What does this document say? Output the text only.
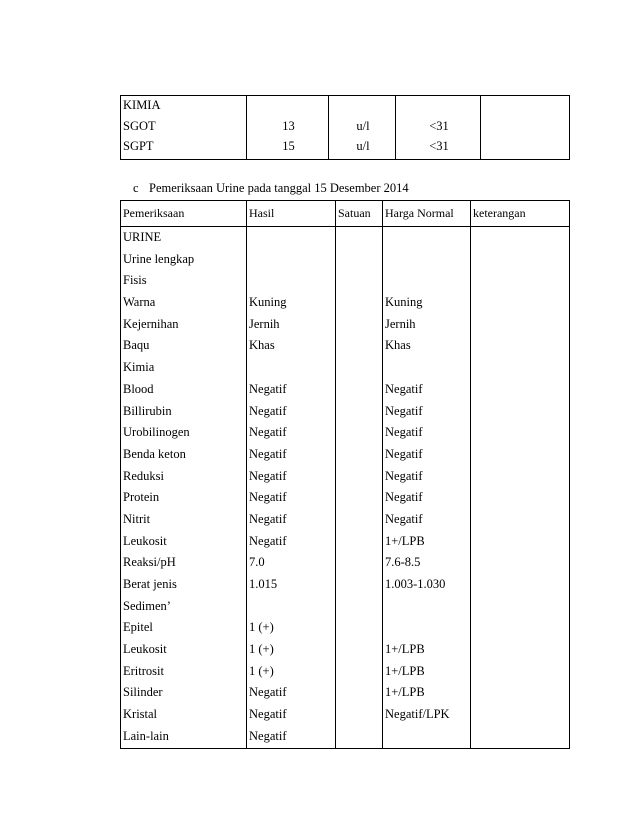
KIMIA				
SGOT	13	u/l	<31	
SGPT	15	u/l	<31	
c Pemeriksaan Urine pada tanggal 15 Desember 2014
Pemeriksaan	Hasil	Satuan	Harga Normal	keterangan
URINE				
Urine lengkap				
Fisis				
Warna	Kuning		Kuning	
Kejernihan	Jernih		Jernih	
Baqu	Khas		Khas	
Kimia				
Blood	Negatif		Negatif	
Billirubin	Negatif		Negatif	
Urobilinogen	Negatif		Negatif	
Benda keton	Negatif		Negatif	
Reduksi	Negatif		Negatif	
Protein	Negatif		Negatif	
Nitrit	Negatif		Negatif	
Leukosit	Negatif		1+/LPB	
Reaksi/pH	7.0		7.6-8.5	
Berat jenis	1.015		1.003-1.030	
Sedimen’				
Epitel	1 (+)			
Leukosit	1 (+)		1+/LPB	
Eritrosit	1 (+)		1+/LPB	
Silinder	Negatif		1+/LPB	
Kristal	Negatif		Negatif/LPK	
Lain-lain	Negatif			
